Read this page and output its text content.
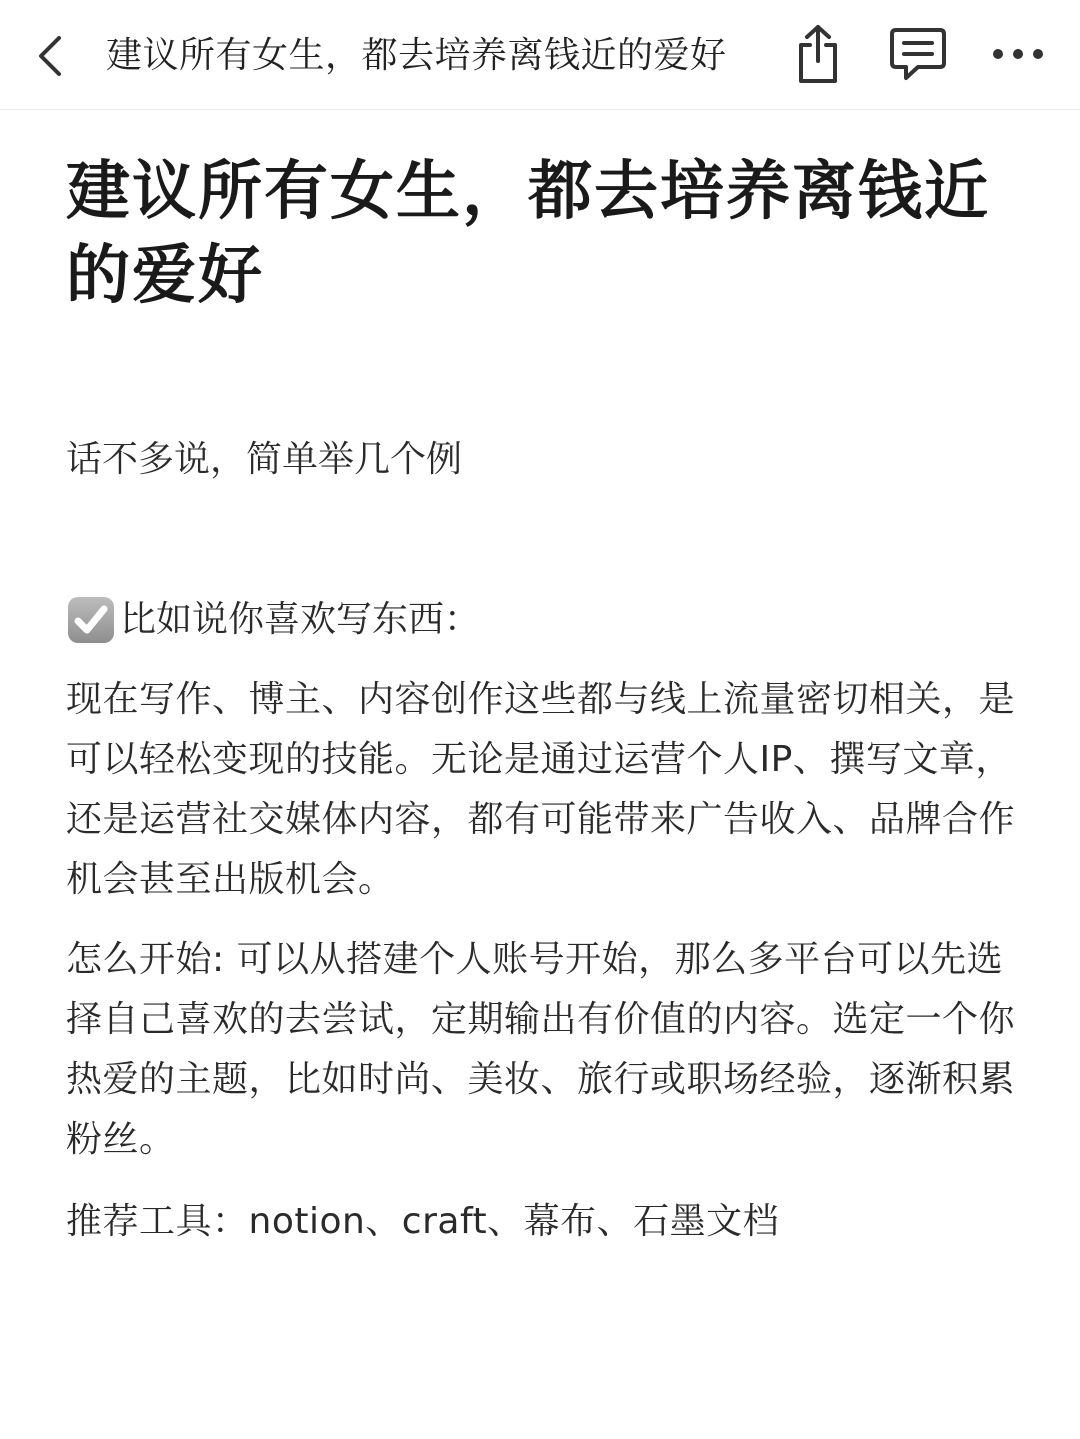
建议所有女生，都去培养离钱近的爱好
建议所有女生，都去培养离钱近的爱好
话不多说，简单举几个例
比如说你喜欢写东西：

现在写作、博主、内容创作这些都与线上流量密切相关，是可以轻松变现的技能。无论是通过运营个人IP、撰写文章，还是运营社交媒体内容，都有可能带来广告收入、品牌合作机会甚至出版机会。

怎么开始: 可以从搭建个人账号开始，那么多平台可以先选择自己喜欢的去尝试，定期输出有价值的内容。选定一个你热爱的主题，比如时尚、美妆、旅行或职场经验，逐渐积累粉丝。

推荐工具：notion、craft、幕布、石墨文档
